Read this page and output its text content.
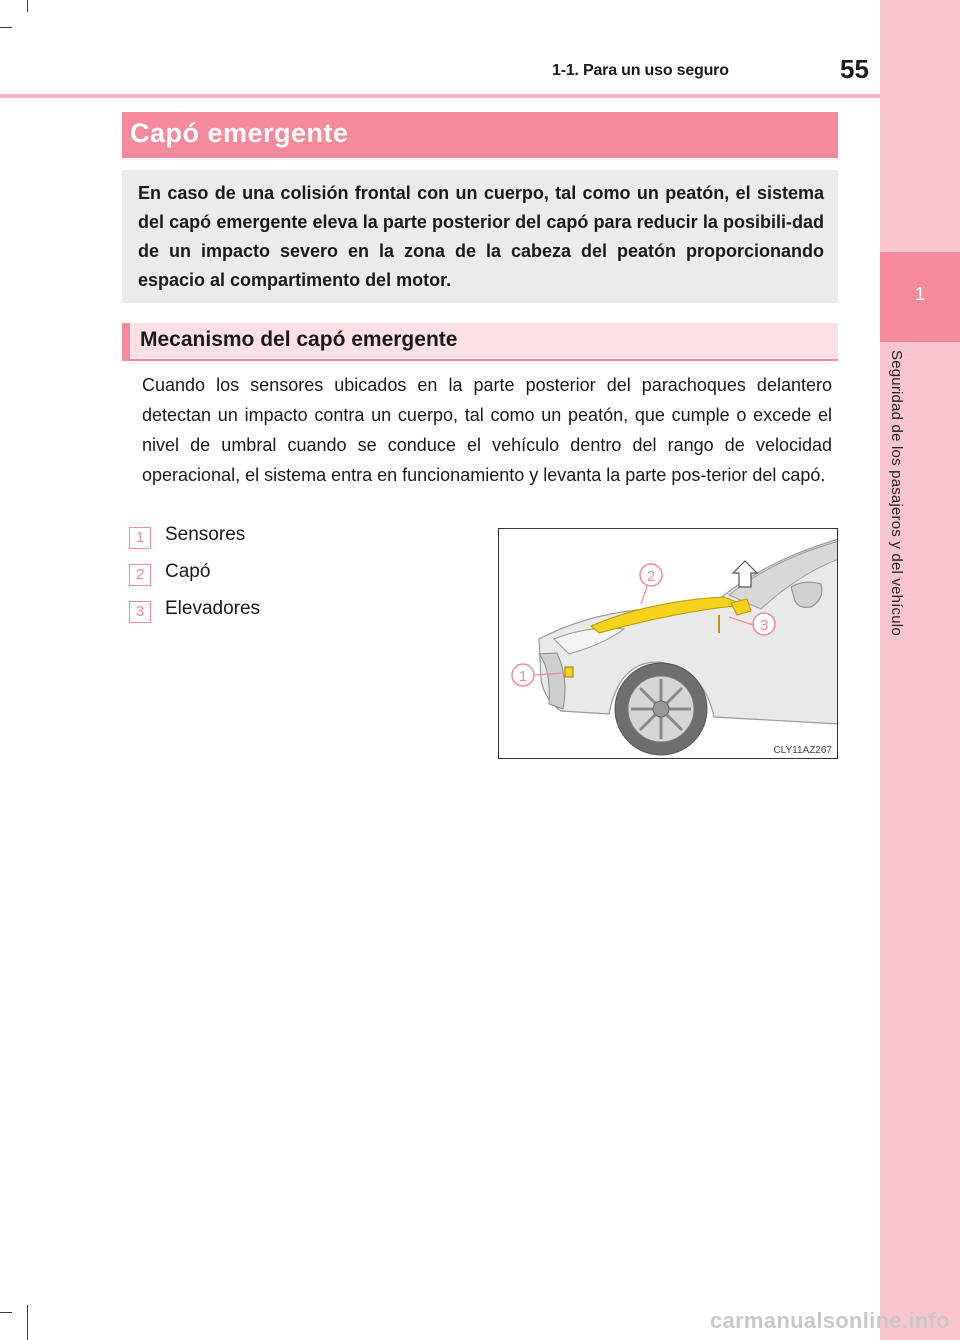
1-1. Para un uso seguro	55
1
Seguridad de los pasajeros y del vehículo
Capó emergente

En caso de una colisión frontal con un cuerpo, tal como un peatón, el sistema del capó emergente eleva la parte posterior del capó para reducir la posibili-dad de un impacto severo en la zona de la cabeza del peatón proporcionando espacio al compartimento del motor.

Mecanismo del capó emergente

Cuando los sensores ubicados en la parte posterior del parachoques delantero detectan un impacto contra un cuerpo, tal como un peatón, que cumple o excede el nivel de umbral cuando se conduce el vehículo dentro del rango de velocidad operacional, el sistema entra en funcionamiento y levanta la parte pos-terior del capó.

1	Sensores
2	Capó
3	Elevadores
2
3
1
CLY11AZ267
carmanualsonline.info
